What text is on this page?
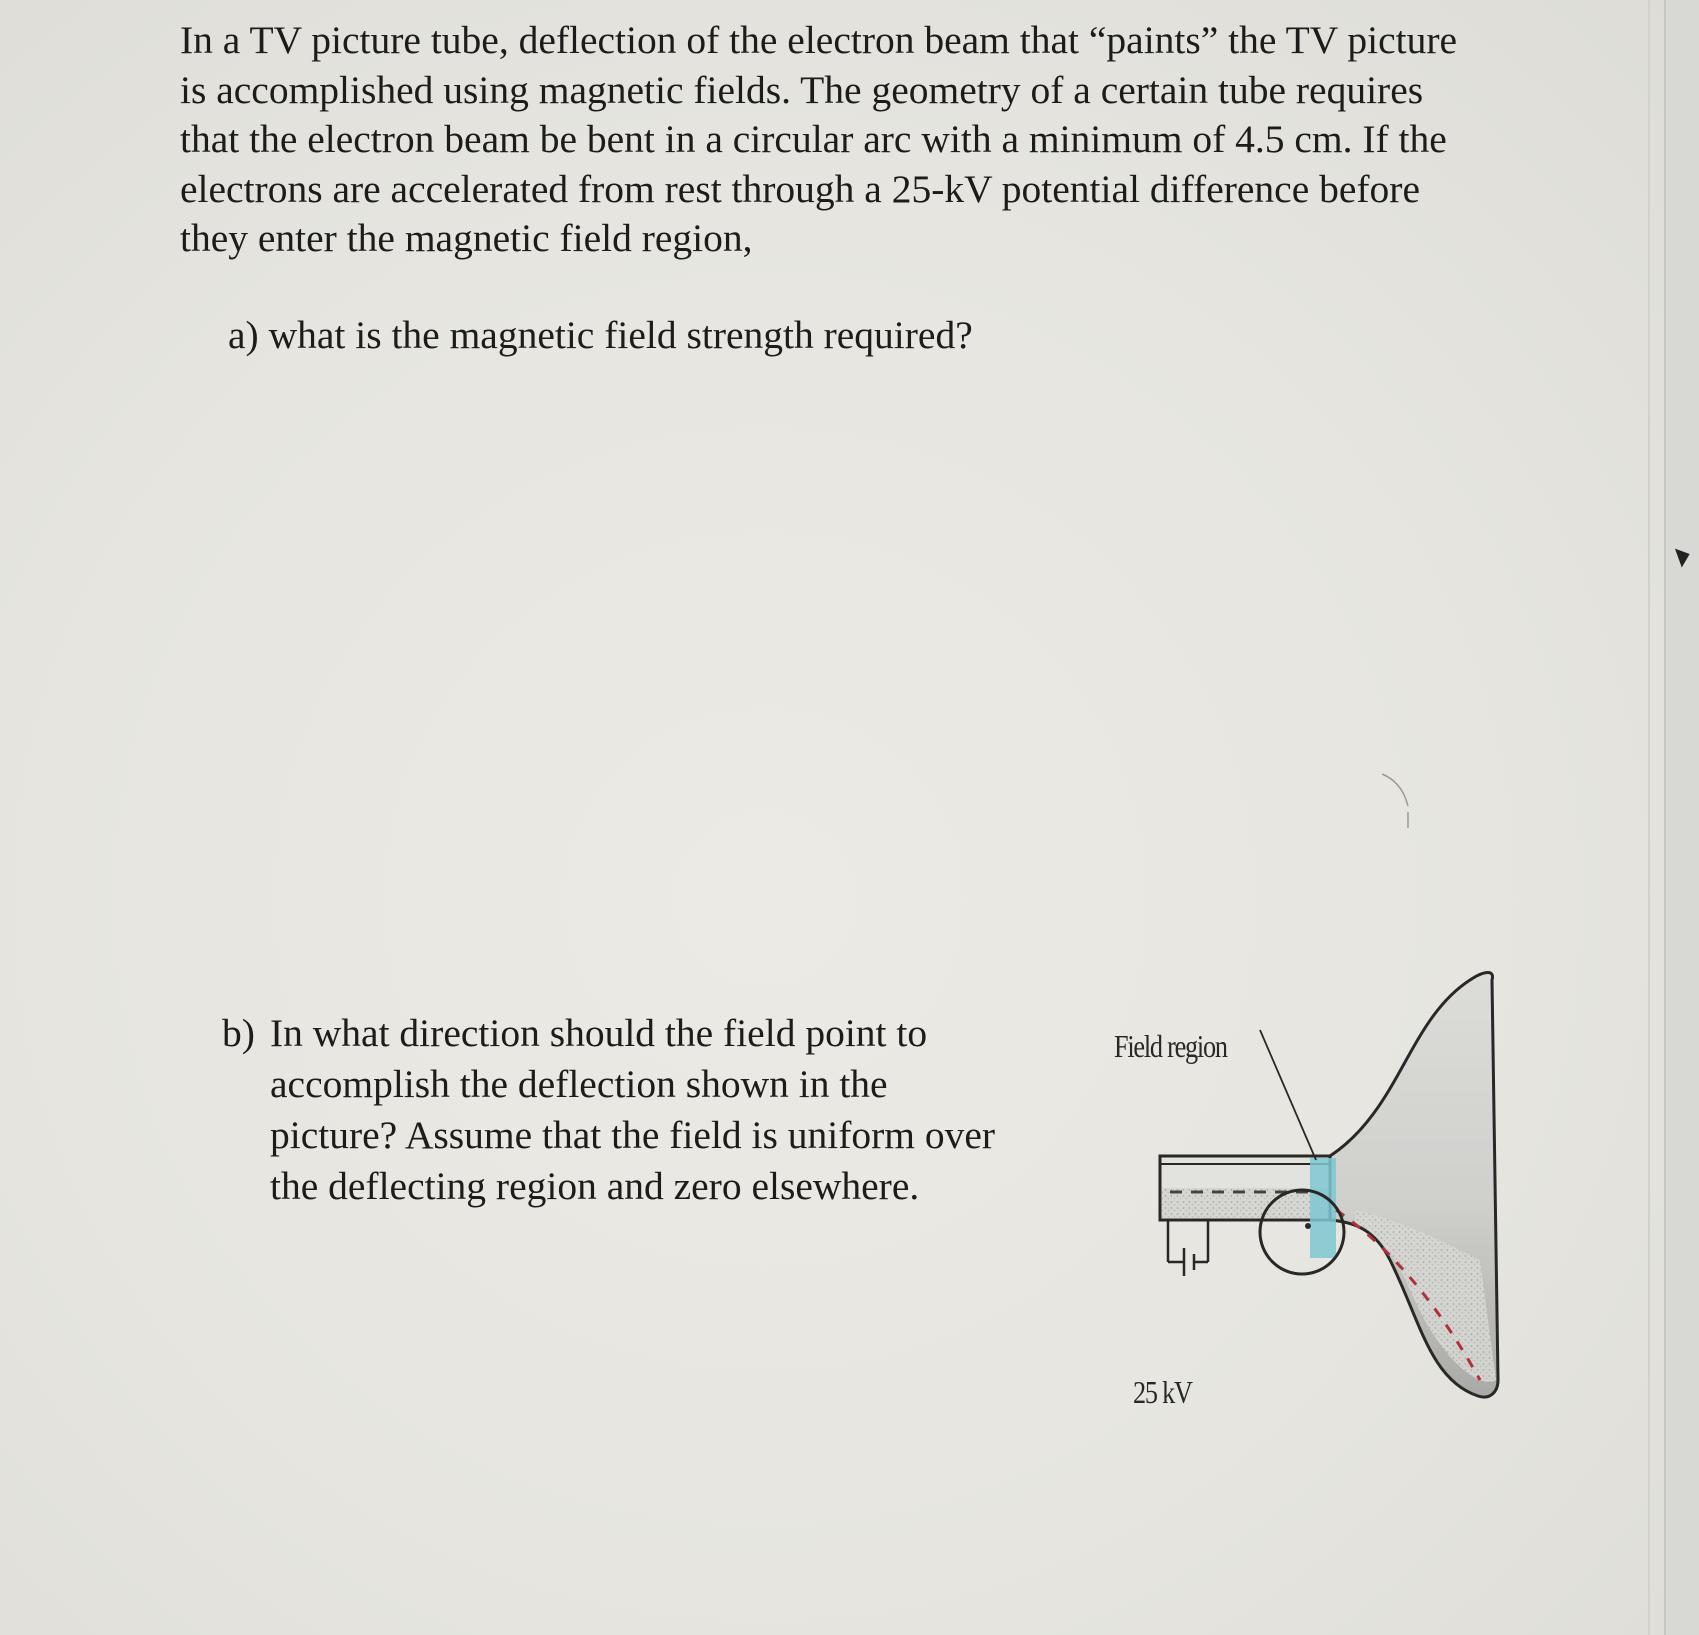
In a TV picture tube, deflection of the electron beam that “paints” the TV picture is accomplished using magnetic fields. The geometry of a certain tube requires that the electron beam be bent in a circular arc with a minimum of 4.5 cm. If the electrons are accelerated from rest through a 25-kV potential difference before they enter the magnetic field region,

a) what is the magnetic field strength required?
b) In what direction should the field point to accomplish the deflection shown in the picture? Assume that the field is uniform over the deflecting region and zero elsewhere.
Field region
25 kV
